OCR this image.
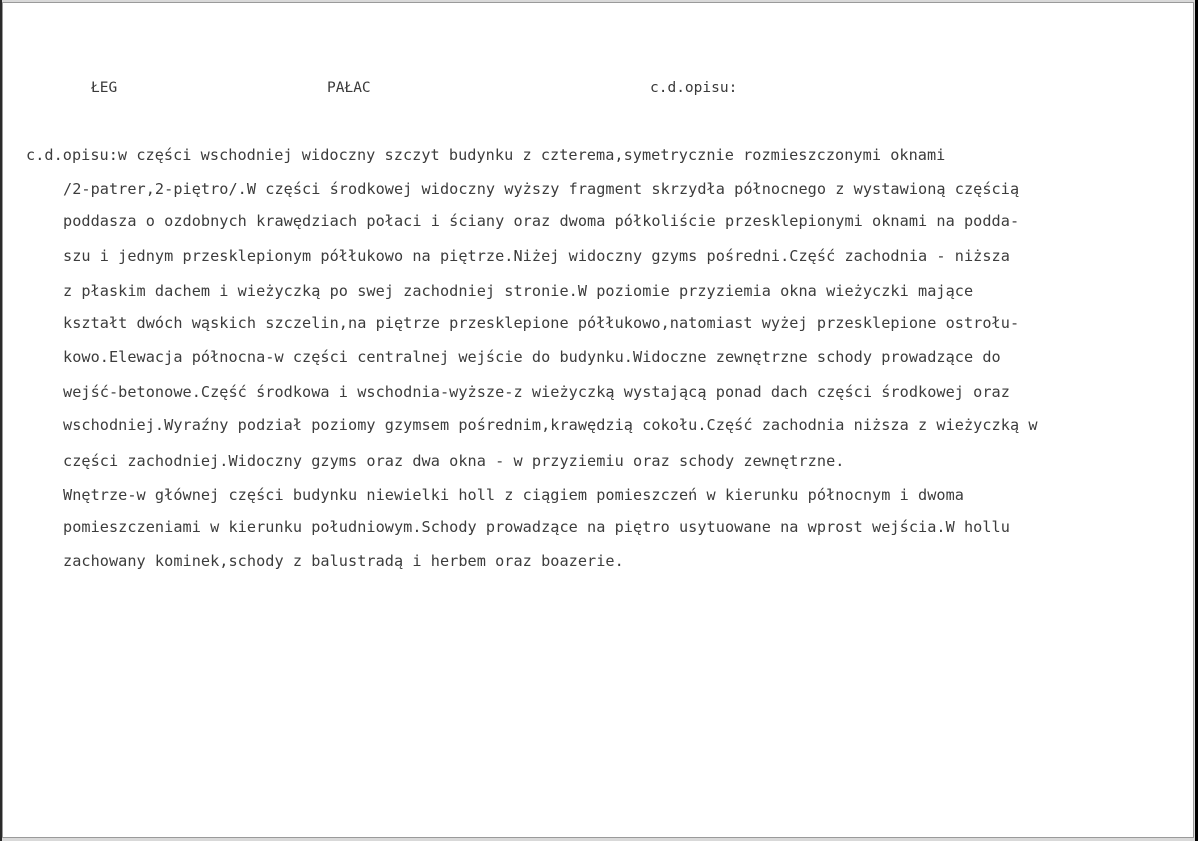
ŁEG	PAŁAC	c.d.opisu:
c.d.opisu:w części wschodniej widoczny szczyt budynku z czterema,symetrycznie rozmieszczonymi oknami
/2-patrer,2-piętro/.W części środkowej widoczny wyższy fragment skrzydła północnego z wystawioną częścią
poddasza o ozdobnych krawędziach połaci i ściany oraz dwoma półkoliście przesklepionymi oknami na podda-
szu i jednym przesklepionym półłukowo na piętrze.Niżej widoczny gzyms pośredni.Część zachodnia - niższa
z płaskim dachem i wieżyczką po swej zachodniej stronie.W poziomie przyziemia okna wieżyczki mające
kształt dwóch wąskich szczelin,na piętrze przesklepione półłukowo,natomiast wyżej przesklepione ostrołu-
kowo.Elewacja północna-w części centralnej wejście do budynku.Widoczne zewnętrzne schody prowadzące do
wejść-betonowe.Część środkowa i wschodnia-wyższe-z wieżyczką wystającą ponad dach części środkowej oraz
wschodniej.Wyraźny podział poziomy gzymsem pośrednim,krawędzią cokołu.Część zachodnia niższa z wieżyczką w
części zachodniej.Widoczny gzyms oraz dwa okna - w przyziemiu oraz schody zewnętrzne.
Wnętrze-w głównej części budynku niewielki holl z ciągiem pomieszczeń w kierunku północnym i dwoma
pomieszczeniami w kierunku południowym.Schody prowadzące na piętro usytuowane na wprost wejścia.W hollu
zachowany kominek,schody z balustradą i herbem oraz boazerie.
